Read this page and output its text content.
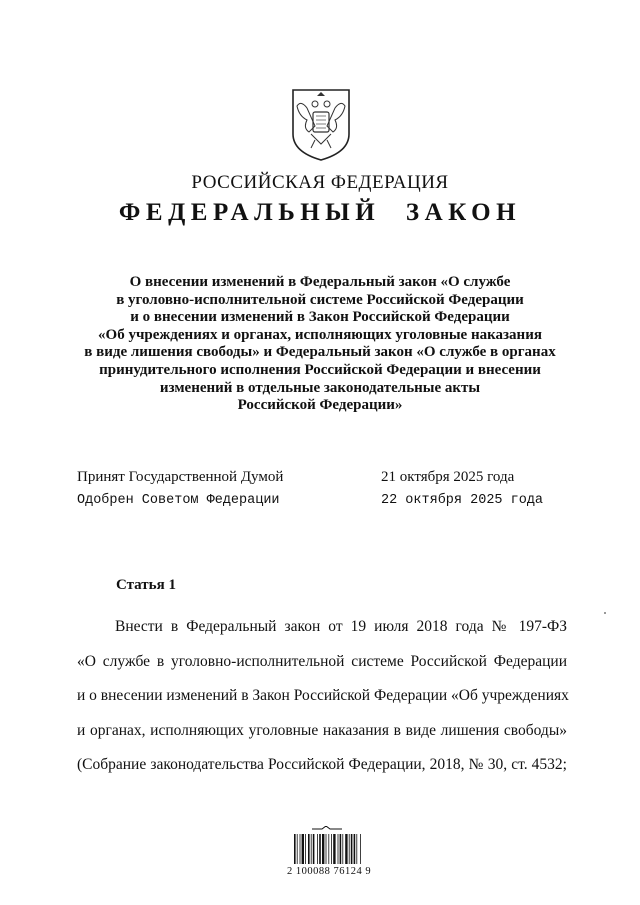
РОССИЙСКАЯ ФЕДЕРАЦИЯ
ФЕДЕРАЛЬНЫЙ ЗАКОН
О внесении изменений в Федеральный закон «О службе
в уголовно-исполнительной системе Российской Федерации
и о внесении изменений в Закон Российской Федерации
«Об учреждениях и органах, исполняющих уголовные наказания
в виде лишения свободы» и Федеральный закон «О службе в органах
принудительного исполнения Российской Федерации и внесении
изменений в отдельные законодательные акты
Российской Федерации»
Принят Государственной Думой	21 октября 2025 года
Одобрен Советом Федерации	22 октября 2025 года
Статья 1
Внести в Федеральный закон от 19 июля 2018 года № 197-ФЗ
«О службе в уголовно-исполнительной системе Российской Федерации
и о внесении изменений в Закон Российской Федерации «Об учреждениях
и органах, исполняющих уголовные наказания в виде лишения свободы»
(Собрание законодательства Российской Федерации, 2018, № 30, ст. 4532;
2 100088 76124 9
